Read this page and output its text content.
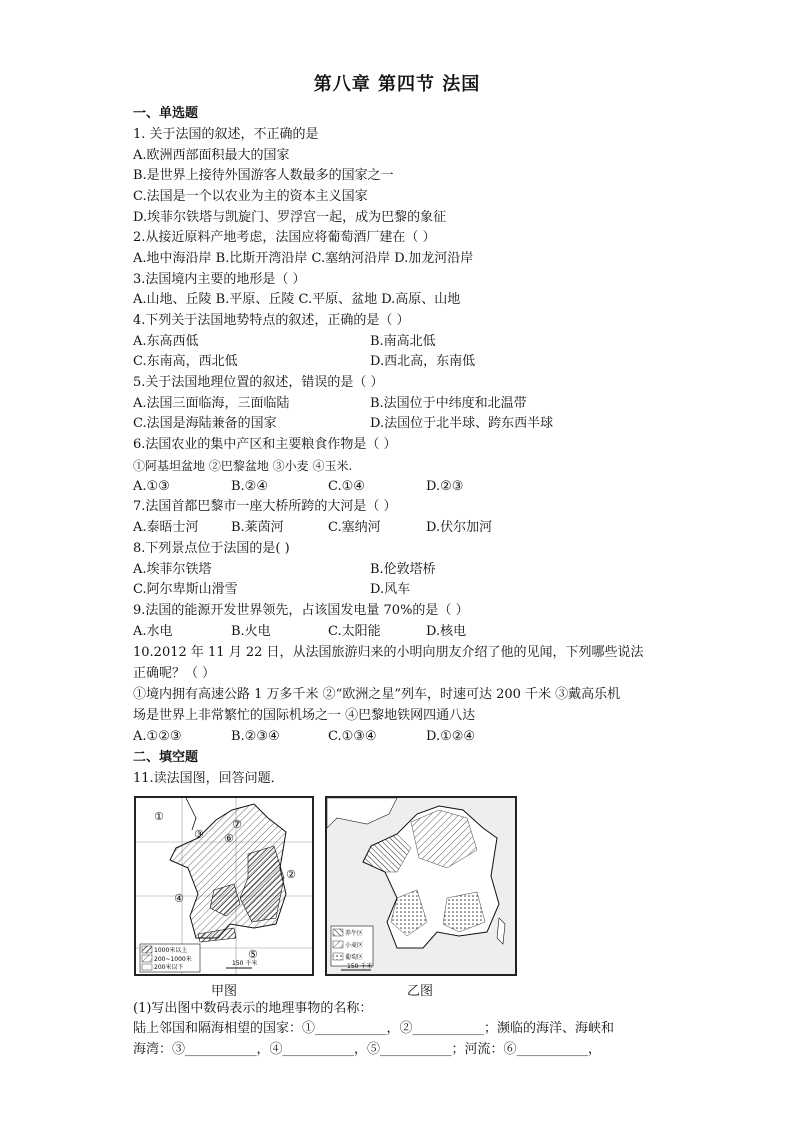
第八章 第四节 法国
一、单选题
1. 关于法国的叙述，不正确的是
A.欧洲西部面积最大的国家
B.是世界上接待外国游客人数最多的国家之一
C.法国是一个以农业为主的资本主义国家
D.埃菲尔铁塔与凯旋门、罗浮宫一起，成为巴黎的象征
2.从接近原料产地考虑，法国应将葡萄酒厂建在（ ）
A.地中海沿岸 B.比斯开湾沿岸 C.塞纳河沿岸 D.加龙河沿岸
3.法国境内主要的地形是（ ）
A.山地、丘陵 B.平原、丘陵 C.平原、盆地 D.高原、山地
4.下列关于法国地势特点的叙述，正确的是（ ）
A.东高西低	B.南高北低
C.东南高，西北低	D.西北高，东南低
5.关于法国地理位置的叙述，错误的是（ ）
A.法国三面临海，三面临陆	B.法国位于中纬度和北温带
C.法国是海陆兼备的国家	D.法国位于北半球、跨东西半球
6.法国农业的集中产区和主要粮食作物是（ ）
①阿基坦盆地 ②巴黎盆地 ③小麦 ④玉米.
A.①③	B.②④	C.①④	D.②③
7.法国首都巴黎市一座大桥所跨的大河是（ ）
A.泰晤士河 B.莱茵河	C.塞纳河	D.伏尔加河
8.下列景点位于法国的是( )
A.埃菲尔铁塔	B.伦敦塔桥
C.阿尔卑斯山滑雪	D.风车
9.法国的能源开发世界领先，占该国发电量 70%的是（ ）
A.水电	B.火电	C.太阳能	D.核电
10.2012 年 11 月 22 日，从法国旅游归来的小明向朋友介绍了他的见闻，下列哪些说法
正确呢？（ ）
①境内拥有高速公路 1 万多千米 ②“欧洲之星”列车，时速可达 200 千米 ③戴高乐机
场是世界上非常繁忙的国际机场之一 ④巴黎地铁网四通八达
A.①②③	B.②③④	C.①③④	D.①②④
二、填空题
11.读法国图，回答问题．
①
②
③
④
⑤
⑥
⑦
1000米以上
200~1000米
200米以下
150 千米
甲图
养牛区
小麦区
葡萄区
150 千米
乙图
(1)写出图中数码表示的地理事物的名称：
陆上邻国和隔海相望的国家：①___________，②___________；濒临的海洋、海峡和
海湾：③___________，④___________，⑤___________；河流：⑥___________，
